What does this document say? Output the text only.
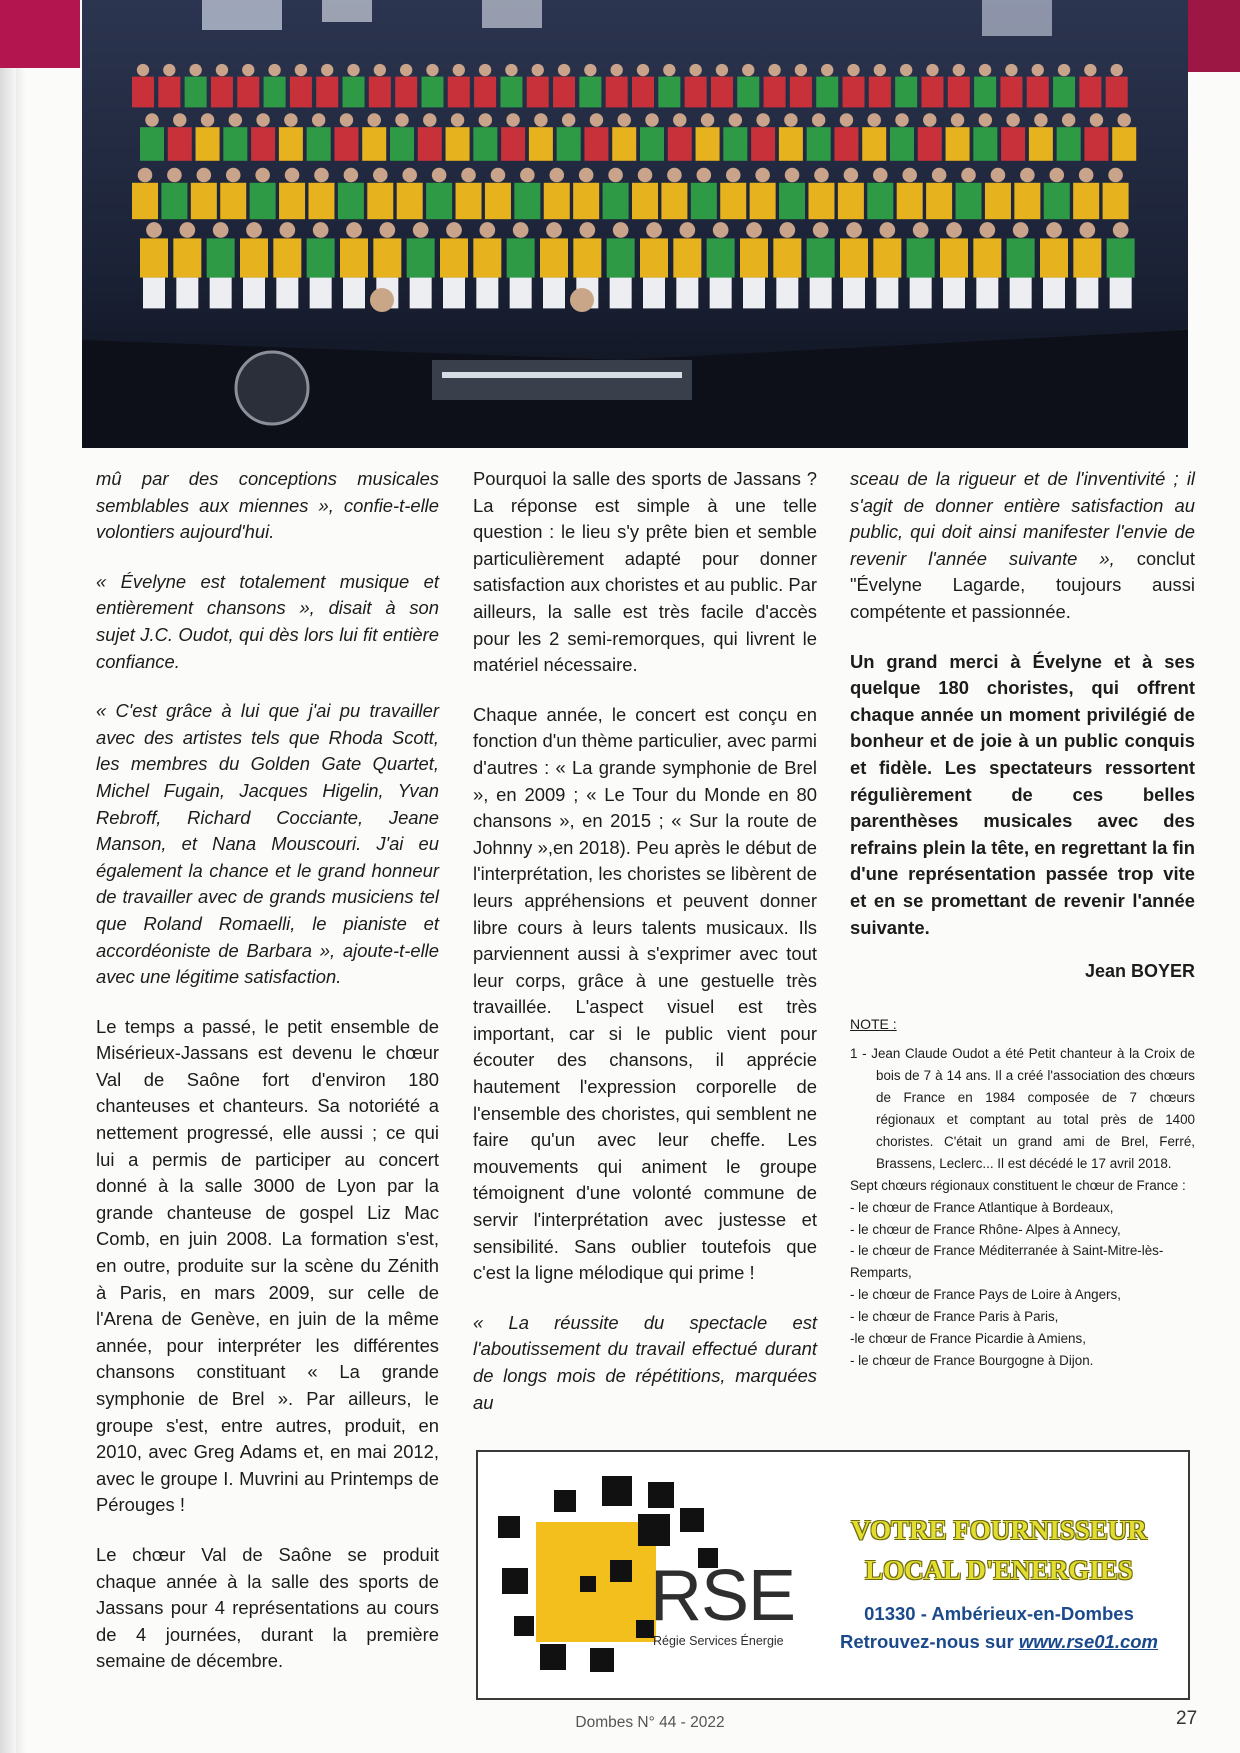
mû par des conceptions musicales semblables aux miennes », confie-t-elle volontiers aujourd'hui.

« Évelyne est totalement musique et entièrement chansons », disait à son sujet J.C. Oudot, qui dès lors lui fit entière confiance.

« C'est grâce à lui que j'ai pu travailler avec des artistes tels que Rhoda Scott, les membres du Golden Gate Quartet, Michel Fugain, Jacques Higelin, Yvan Rebroff, Richard Cocciante, Jeane Manson, et Nana Mouscouri. J'ai eu également la chance et le grand honneur de travailler avec de grands musiciens tel que Roland Romaelli, le pianiste et accordéoniste de Barbara », ajoute-t-elle avec une légitime satisfaction.

Le temps a passé, le petit ensemble de Misérieux-Jassans est devenu le chœur Val de Saône fort d'environ 180 chanteuses et chanteurs. Sa notoriété a nettement progressé, elle aussi ; ce qui lui a permis de participer au concert donné à la salle 3000 de Lyon par la grande chanteuse de gospel Liz Mac Comb, en juin 2008. La formation s'est, en outre, produite sur la scène du Zénith à Paris, en mars 2009, sur celle de l'Arena de Genève, en juin de la même année, pour interpréter les différentes chansons constituant « La grande symphonie de Brel ». Par ailleurs, le groupe s'est, entre autres, produit, en 2010, avec Greg Adams et, en mai 2012, avec le groupe I. Muvrini au Printemps de Pérouges !

Le chœur Val de Saône se produit chaque année à la salle des sports de Jassans pour 4 représentations au cours de 4 journées, durant la première semaine de décembre.

Pourquoi la salle des sports de Jassans ? La réponse est simple à une telle question : le lieu s'y prête bien et semble particulièrement adapté pour donner satisfaction aux choristes et au public. Par ailleurs, la salle est très facile d'accès pour les 2 semi-remorques, qui livrent le matériel nécessaire.

Chaque année, le concert est conçu en fonction d'un thème particulier, avec parmi d'autres : « La grande symphonie de Brel », en 2009 ; « Le Tour du Monde en 80 chansons », en 2015 ; « Sur la route de Johnny »,en 2018). Peu après le début de l'interprétation, les choristes se libèrent de leurs appréhensions et peuvent donner libre cours à leurs talents musicaux. Ils parviennent aussi à s'exprimer avec tout leur corps, grâce à une gestuelle très travaillée. L'aspect visuel est très important, car si le public vient pour écouter des chansons, il apprécie hautement l'expression corporelle de l'ensemble des choristes, qui semblent ne faire qu'un avec leur cheffe. Les mouvements qui animent le groupe témoignent d'une volonté commune de servir l'interprétation avec justesse et sensibilité. Sans oublier toutefois que c'est la ligne mélodique qui prime !

« La réussite du spectacle est l'aboutissement du travail effectué durant de longs mois de répétitions, marquées au

sceau de la rigueur et de l'inventivité ; il s'agit de donner entière satisfaction au public, qui doit ainsi manifester l'envie de revenir l'année suivante », conclut "Évelyne Lagarde, toujours aussi compétente et passionnée.

Un grand merci à Évelyne et à ses quelque 180 choristes, qui offrent chaque année un moment privilégié de bonheur et de joie à un public conquis et fidèle. Les spectateurs ressortent régulièrement de ces belles parenthèses musicales avec des refrains plein la tête, en regrettant la fin d'une représentation passée trop vite et en se promettant de revenir l'année suivante.

Jean BOYER
NOTE :
1 - Jean Claude Oudot a été Petit chanteur à la Croix de bois de 7 à 14 ans. Il a créé l'association des chœurs de France en 1984 composée de 7 chœurs régionaux et comptant au total près de 1400 choristes. C'était un grand ami de Brel, Ferré, Brassens, Leclerc... Il est décédé le 17 avril 2018.
Sept chœurs régionaux constituent le chœur de France :
- le chœur de France Atlantique à Bordeaux,
- le chœur de France Rhône- Alpes à Annecy,
- le chœur de France Méditerranée à Saint-Mitre-lès- Remparts,
- le chœur de France Pays de Loire à Angers,
- le chœur de France Paris à Paris,
-le chœur de France Picardie à Amiens,
- le chœur de France Bourgogne à Dijon.
RSE
Régie Services Énergie
VOTRE FOURNISSEUR
LOCAL D'ENERGIES
01330 - Ambérieux-en-Dombes
Retrouvez-nous sur www.rse01.com
Dombes N° 44 - 2022	27
